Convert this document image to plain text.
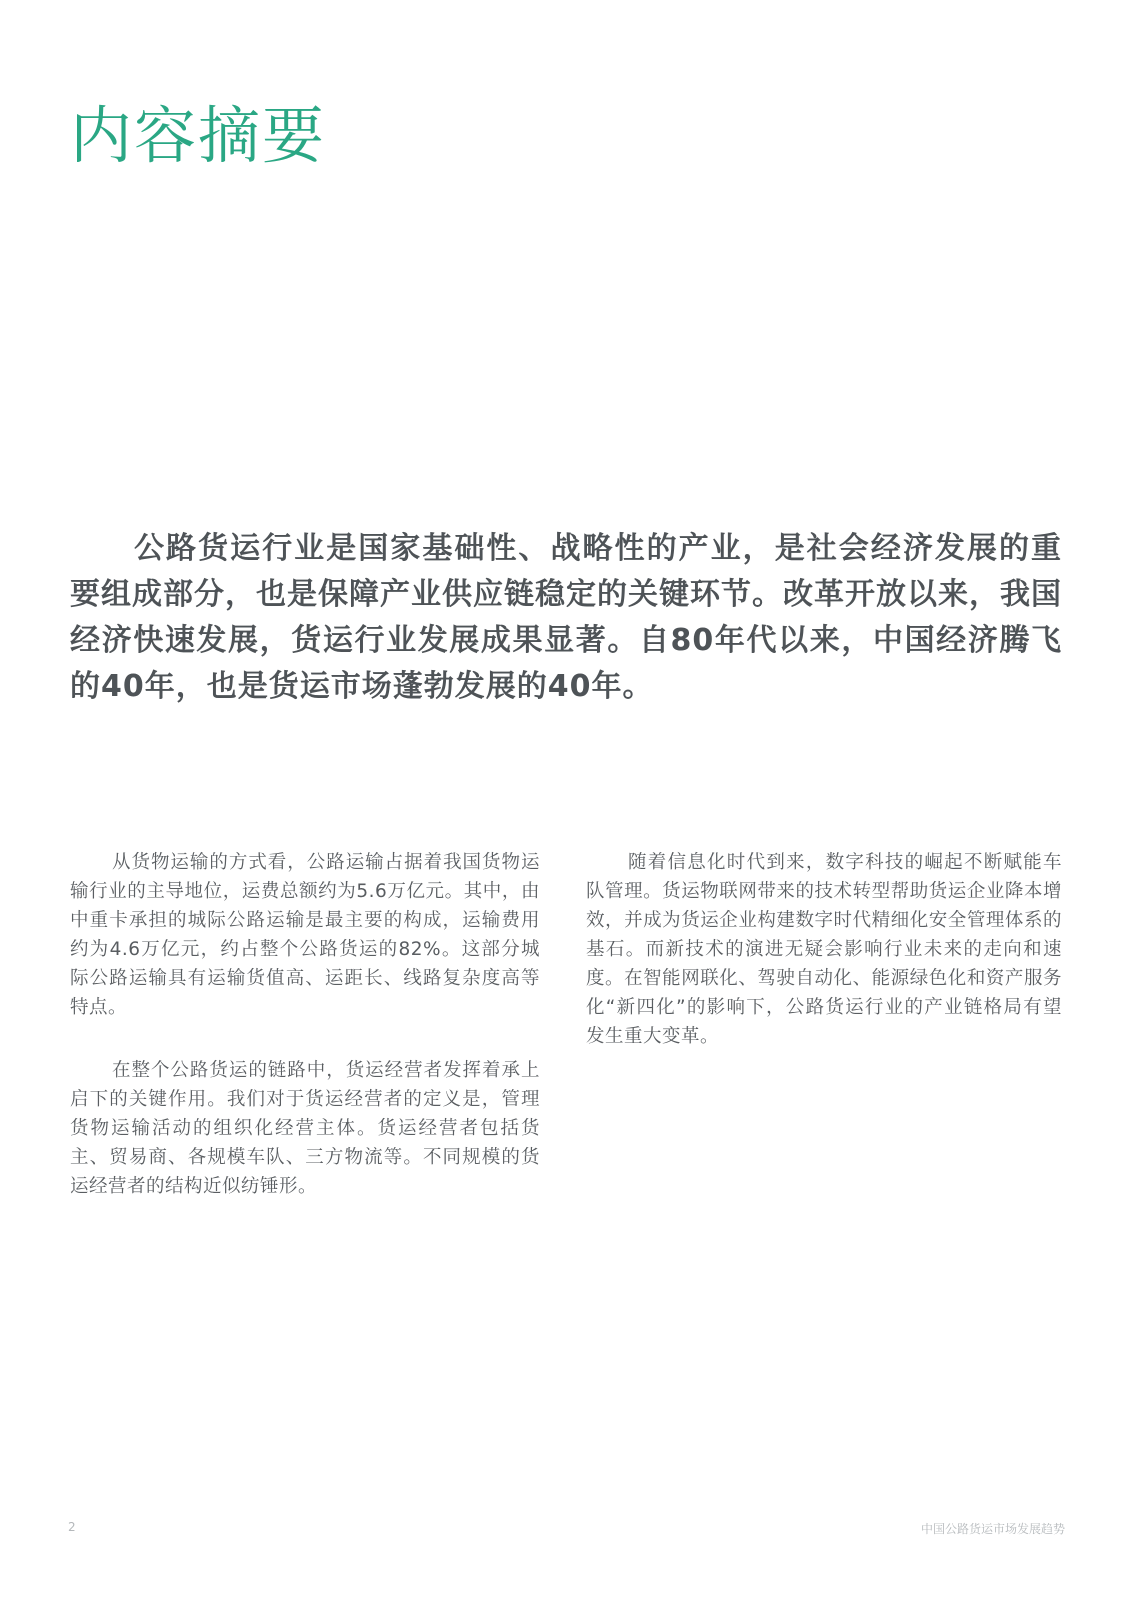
内容摘要

公路货运行业是国家基础性、战略性的产业，是社会经济发展的重要组成部分，也是保障产业供应链稳定的关键环节。改革开放以来，我国经济快速发展，货运行业发展成果显著。自80年代以来，中国经济腾飞的40年，也是货运市场蓬勃发展的40年。

从货物运输的方式看，公路运输占据着我国货物运输行业的主导地位，运费总额约为5.6万亿元。其中，由中重卡承担的城际公路运输是最主要的构成，运输费用约为4.6万亿元，约占整个公路货运的82%。这部分城际公路运输具有运输货值高、运距长、线路复杂度高等特点。

在整个公路货运的链路中，货运经营者发挥着承上启下的关键作用。我们对于货运经营者的定义是，管理货物运输活动的组织化经营主体。货运经营者包括货主、贸易商、各规模车队、三方物流等。不同规模的货运经营者的结构近似纺锤形。

随着信息化时代到来，数字科技的崛起不断赋能车队管理。货运物联网带来的技术转型帮助货运企业降本增效，并成为货运企业构建数字时代精细化安全管理体系的基石。而新技术的演进无疑会影响行业未来的走向和速度。在智能网联化、驾驶自动化、能源绿色化和资产服务化“新四化”的影响下，公路货运行业的产业链格局有望发生重大变革。

2	中国公路货运市场发展趋势
